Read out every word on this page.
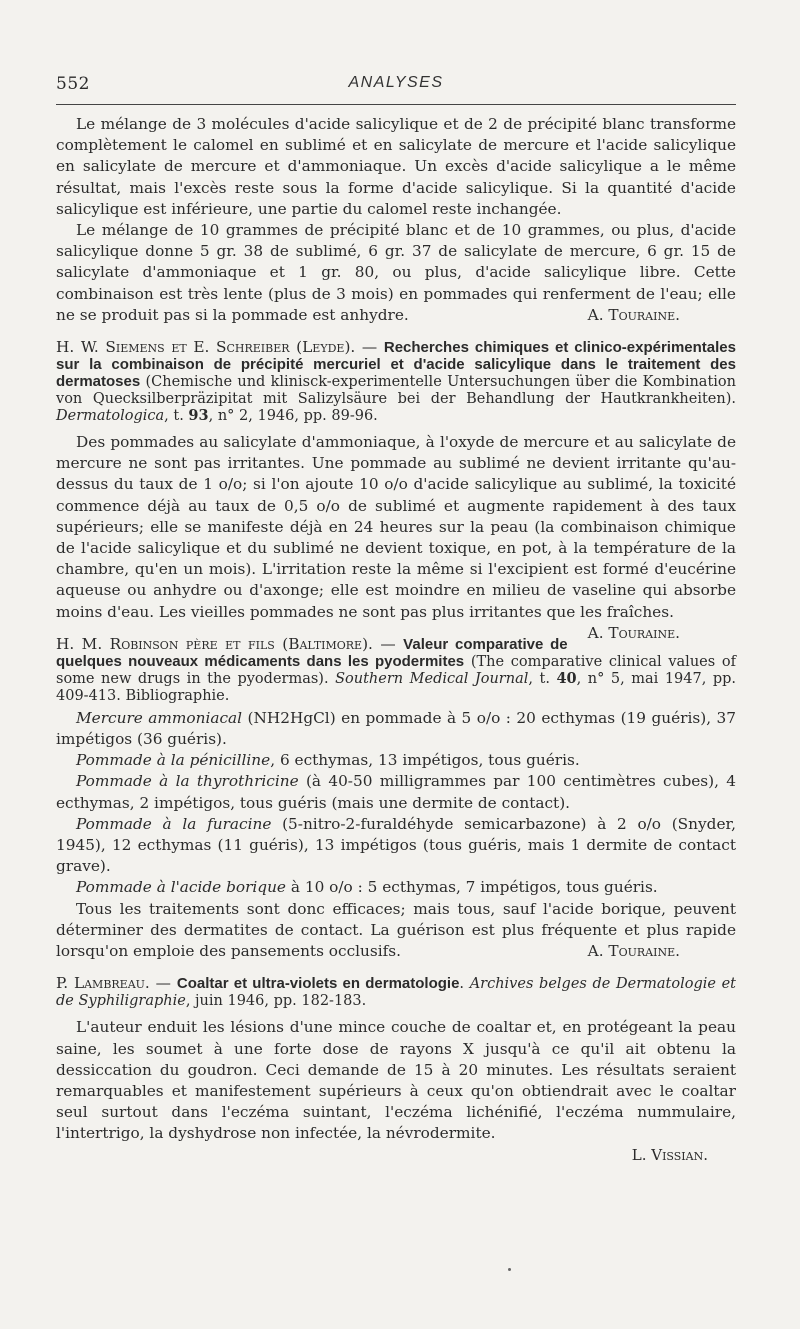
552	ANALYSES

Le mélange de 3 molécules d'acide salicylique et de 2 de précipité blanc transforme complètement le calomel en sublimé et en salicylate de mercure et l'acide salicylique en salicylate de mercure et d'ammoniaque. Un excès d'acide salicylique a le même résultat, mais l'excès reste sous la forme d'acide salicylique. Si la quantité d'acide salicylique est inférieure, une partie du calomel reste inchangée.

Le mélange de 10 grammes de précipité blanc et de 10 grammes, ou plus, d'acide salicylique donne 5 gr. 38 de sublimé, 6 gr. 37 de salicylate de mercure, 6 gr. 15 de salicylate d'ammoniaque et 1 gr. 80, ou plus, d'acide salicylique libre. Cette combinaison est très lente (plus de 3 mois) en pommades qui renferment de l'eau; elle ne se produit pas si la pommade est anhydre.	A. Touraine.

H. W. Siemens et E. Schreiber (Leyde). — Recherches chimiques et clinico-expérimentales sur la combinaison de précipité mercuriel et d'acide salicylique dans le traitement des dermatoses (Chemische und klinisck-experimentelle Untersuchungen über die Kombination von Quecksilberpräzipitat mit Salizylsäure bei der Behandlung der Hautkrankheiten). Dermatologica, t. 93, n° 2, 1946, pp. 89-96.

Des pommades au salicylate d'ammoniaque, à l'oxyde de mercure et au salicylate de mercure ne sont pas irritantes. Une pommade au sublimé ne devient irritante qu'au-dessus du taux de 1 o/o; si l'on ajoute 10 o/o d'acide salicylique au sublimé, la toxicité commence déjà au taux de 0,5 o/o de sublimé et augmente rapidement à des taux supérieurs; elle se manifeste déjà en 24 heures sur la peau (la combinaison chimique de l'acide salicylique et du sublimé ne devient toxique, en pot, à la température de la chambre, qu'en un mois). L'irritation reste la même si l'excipient est formé d'eucérine aqueuse ou anhydre ou d'axonge; elle est moindre en milieu de vaseline qui absorbe moins d'eau. Les vieilles pommades ne sont pas plus irritantes que les fraîches.
A. Touraine.

H. M. Robinson père et fils (Baltimore). — Valeur comparative de quelques nouveaux médicaments dans les pyodermites (The comparative clinical values of some new drugs in the pyodermas). Southern Medical Journal, t. 40, n° 5, mai 1947, pp. 409-413. Bibliographie.

Mercure ammoniacal (NH2HgCl) en pommade à 5 o/o : 20 ecthymas (19 guéris), 37 impétigos (36 guéris).

Pommade à la pénicilline, 6 ecthymas, 13 impétigos, tous guéris.

Pommade à la thyrothricine (à 40-50 milligrammes par 100 centimètres cubes), 4 ecthymas, 2 impétigos, tous guéris (mais une dermite de contact).

Pommade à la furacine (5-nitro-2-furaldéhyde semicarbazone) à 2 o/o (Snyder, 1945), 12 ecthymas (11 guéris), 13 impétigos (tous guéris, mais 1 dermite de contact grave).

Pommade à l'acide borique à 10 o/o : 5 ecthymas, 7 impétigos, tous guéris.

Tous les traitements sont donc efficaces; mais tous, sauf l'acide borique, peuvent déterminer des dermatites de contact. La guérison est plus fréquente et plus rapide lorsqu'on emploie des pansements occlusifs.	A. Touraine.

P. Lambreau. — Coaltar et ultra-violets en dermatologie. Archives belges de Dermatologie et de Syphiligraphie, juin 1946, pp. 182-183.

L'auteur enduit les lésions d'une mince couche de coaltar et, en protégeant la peau saine, les soumet à une forte dose de rayons X jusqu'à ce qu'il ait obtenu la dessiccation du goudron. Ceci demande de 15 à 20 minutes. Les résultats seraient remarquables et manifestement supérieurs à ceux qu'on obtiendrait avec le coaltar seul surtout dans l'eczéma suintant, l'eczéma lichénifié, l'eczéma nummulaire, l'intertrigo, la dyshydrose non infectée, la névrodermite.

L. Vissian.
